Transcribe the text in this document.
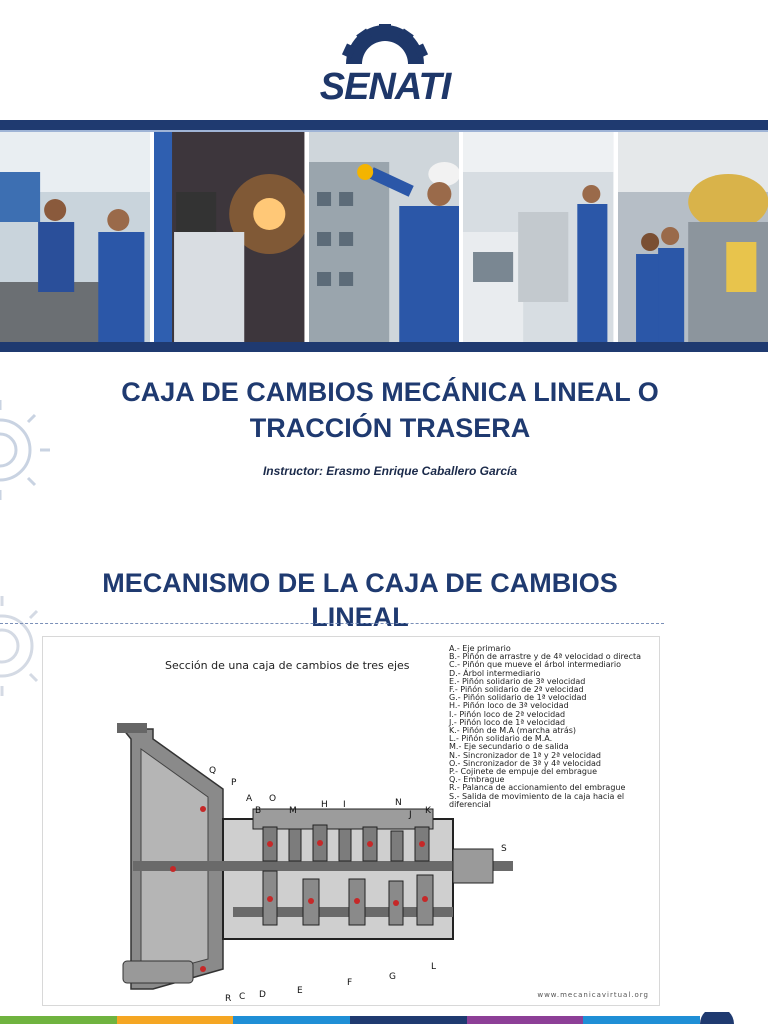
SENATI
CAJA DE CAMBIOS MECÁNICA LINEAL O TRACCIÓN TRASERA
Instructor: Erasmo Enrique Caballero García
MECANISMO DE LA CAJA DE CAMBIOS LINEAL
Sección de una caja de cambios de tres ejes
A.- Eje primario
B.- Piñón de arrastre y de 4ª velocidad o directa
C.- Piñón que mueve el árbol intermediario
D.- Árbol intermediario
E.- Piñón solidario de 3ª velocidad
F.- Piñón solidario de 2ª velocidad
G.- Piñón solidario de 1ª velocidad
H.- Piñón loco de 3ª velocidad
I.- Piñón loco de 2ª velocidad
J.- Piñón loco de 1ª velocidad
K.- Piñón de M.A (marcha atrás)
L.- Piñón solidario de M.A.
M.- Eje secundario o de salida
N.- Sincronizador de 1ª y 2ª velocidad
O.- Sincronizador de 3ª y 4ª velocidad
P.- Cojinete de empuje del embrague
Q.- Embrague
R.- Palanca de accionamiento del embrague
S.- Salida de movimiento de la caja hacia el
diferencial
Q
P
A
B
O
M
H I	N
J K
S
L
G
F
E
D
C
R	www.mecanicavirtual.org
